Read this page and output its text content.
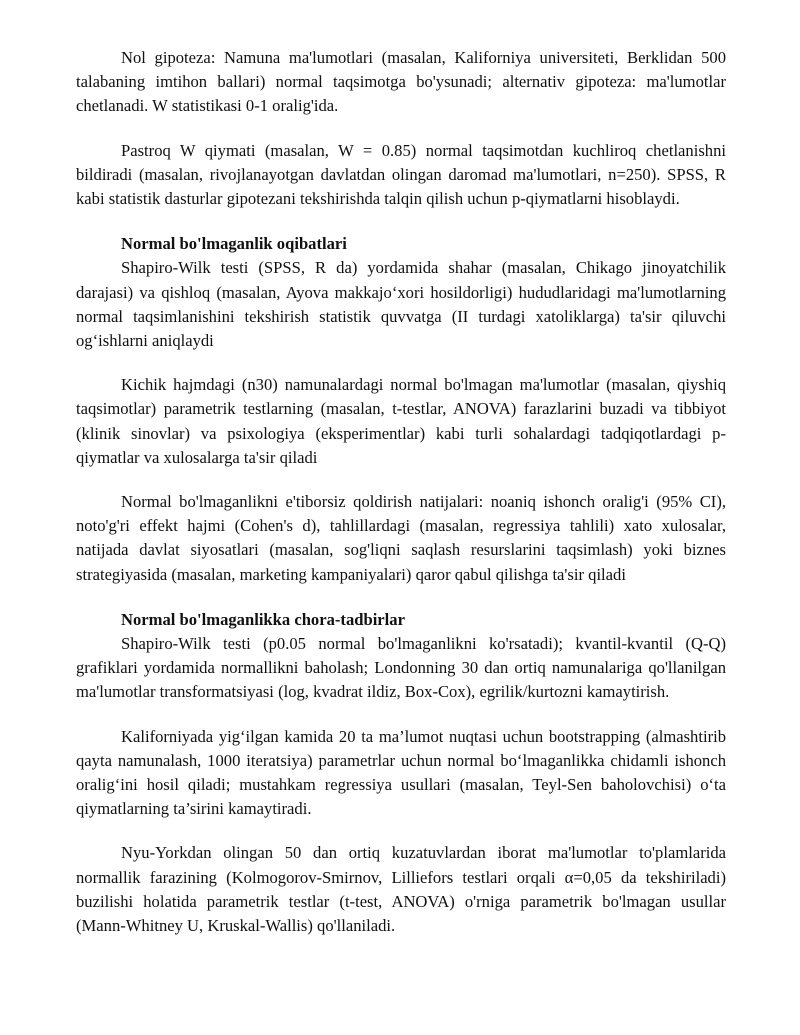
Nol gipoteza: Namuna ma'lumotlari (masalan, Kaliforniya universiteti, Berklidan 500 talabaning imtihon ballari) normal taqsimotga bo'ysunadi; alternativ gipoteza: ma'lumotlar chetlanadi. W statistikasi 0-1 oralig'ida.

Pastroq W qiymati (masalan, W = 0.85) normal taqsimotdan kuchliroq chetlanishni bildiradi (masalan, rivojlanayotgan davlatdan olingan daromad ma'lumotlari, n=250). SPSS, R kabi statistik dasturlar gipotezani tekshirishda talqin qilish uchun p-qiymatlarni hisoblaydi.

Normal bo'lmaganlik oqibatlari

Shapiro-Wilk testi (SPSS, R da) yordamida shahar (masalan, Chikago jinoyatchilik darajasi) va qishloq (masalan, Ayova makkajo‘xori hosildorligi) hududlaridagi ma'lumotlarning normal taqsimlanishini tekshirish statistik quvvatga (II turdagi xatoliklarga) ta'sir qiluvchi og‘ishlarni aniqlaydi

Kichik hajmdagi (n30) namunalardagi normal bo'lmagan ma'lumotlar (masalan, qiyshiq taqsimotlar) parametrik testlarning (masalan, t-testlar, ANOVA) farazlarini buzadi va tibbiyot (klinik sinovlar) va psixologiya (eksperimentlar) kabi turli sohalardagi tadqiqotlardagi p-qiymatlar va xulosalarga ta'sir qiladi

Normal bo'lmaganlikni e'tiborsiz qoldirish natijalari: noaniq ishonch oralig'i (95% CI), noto'g'ri effekt hajmi (Cohen's d), tahlillardagi (masalan, regressiya tahlili) xato xulosalar, natijada davlat siyosatlari (masalan, sog'liqni saqlash resurslarini taqsimlash) yoki biznes strategiyasida (masalan, marketing kampaniyalari) qaror qabul qilishga ta'sir qiladi

Normal bo'lmaganlikka chora-tadbirlar

Shapiro-Wilk testi (p0.05 normal bo'lmaganlikni ko'rsatadi); kvantil-kvantil (Q-Q) grafiklari yordamida normallikni baholash; Londonning 30 dan ortiq namunalariga qo'llanilgan ma'lumotlar transformatsiyasi (log, kvadrat ildiz, Box-Cox), egrilik/kurtozni kamaytirish.

Kaliforniyada yig‘ilgan kamida 20 ta ma’lumot nuqtasi uchun bootstrapping (almashtirib qayta namunalash, 1000 iteratsiya) parametrlar uchun normal bo‘lmaganlikka chidamli ishonch oralig‘ini hosil qiladi; mustahkam regressiya usullari (masalan, Teyl-Sen baholovchisi) o‘ta qiymatlarning ta’sirini kamaytiradi.

Nyu-Yorkdan olingan 50 dan ortiq kuzatuvlardan iborat ma'lumotlar to'plamlarida normallik farazining (Kolmogorov-Smirnov, Lilliefors testlari orqali α=0,05 da tekshiriladi) buzilishi holatida parametrik testlar (t-test, ANOVA) o'rniga parametrik bo'lmagan usullar (Mann-Whitney U, Kruskal-Wallis) qo'llaniladi.
